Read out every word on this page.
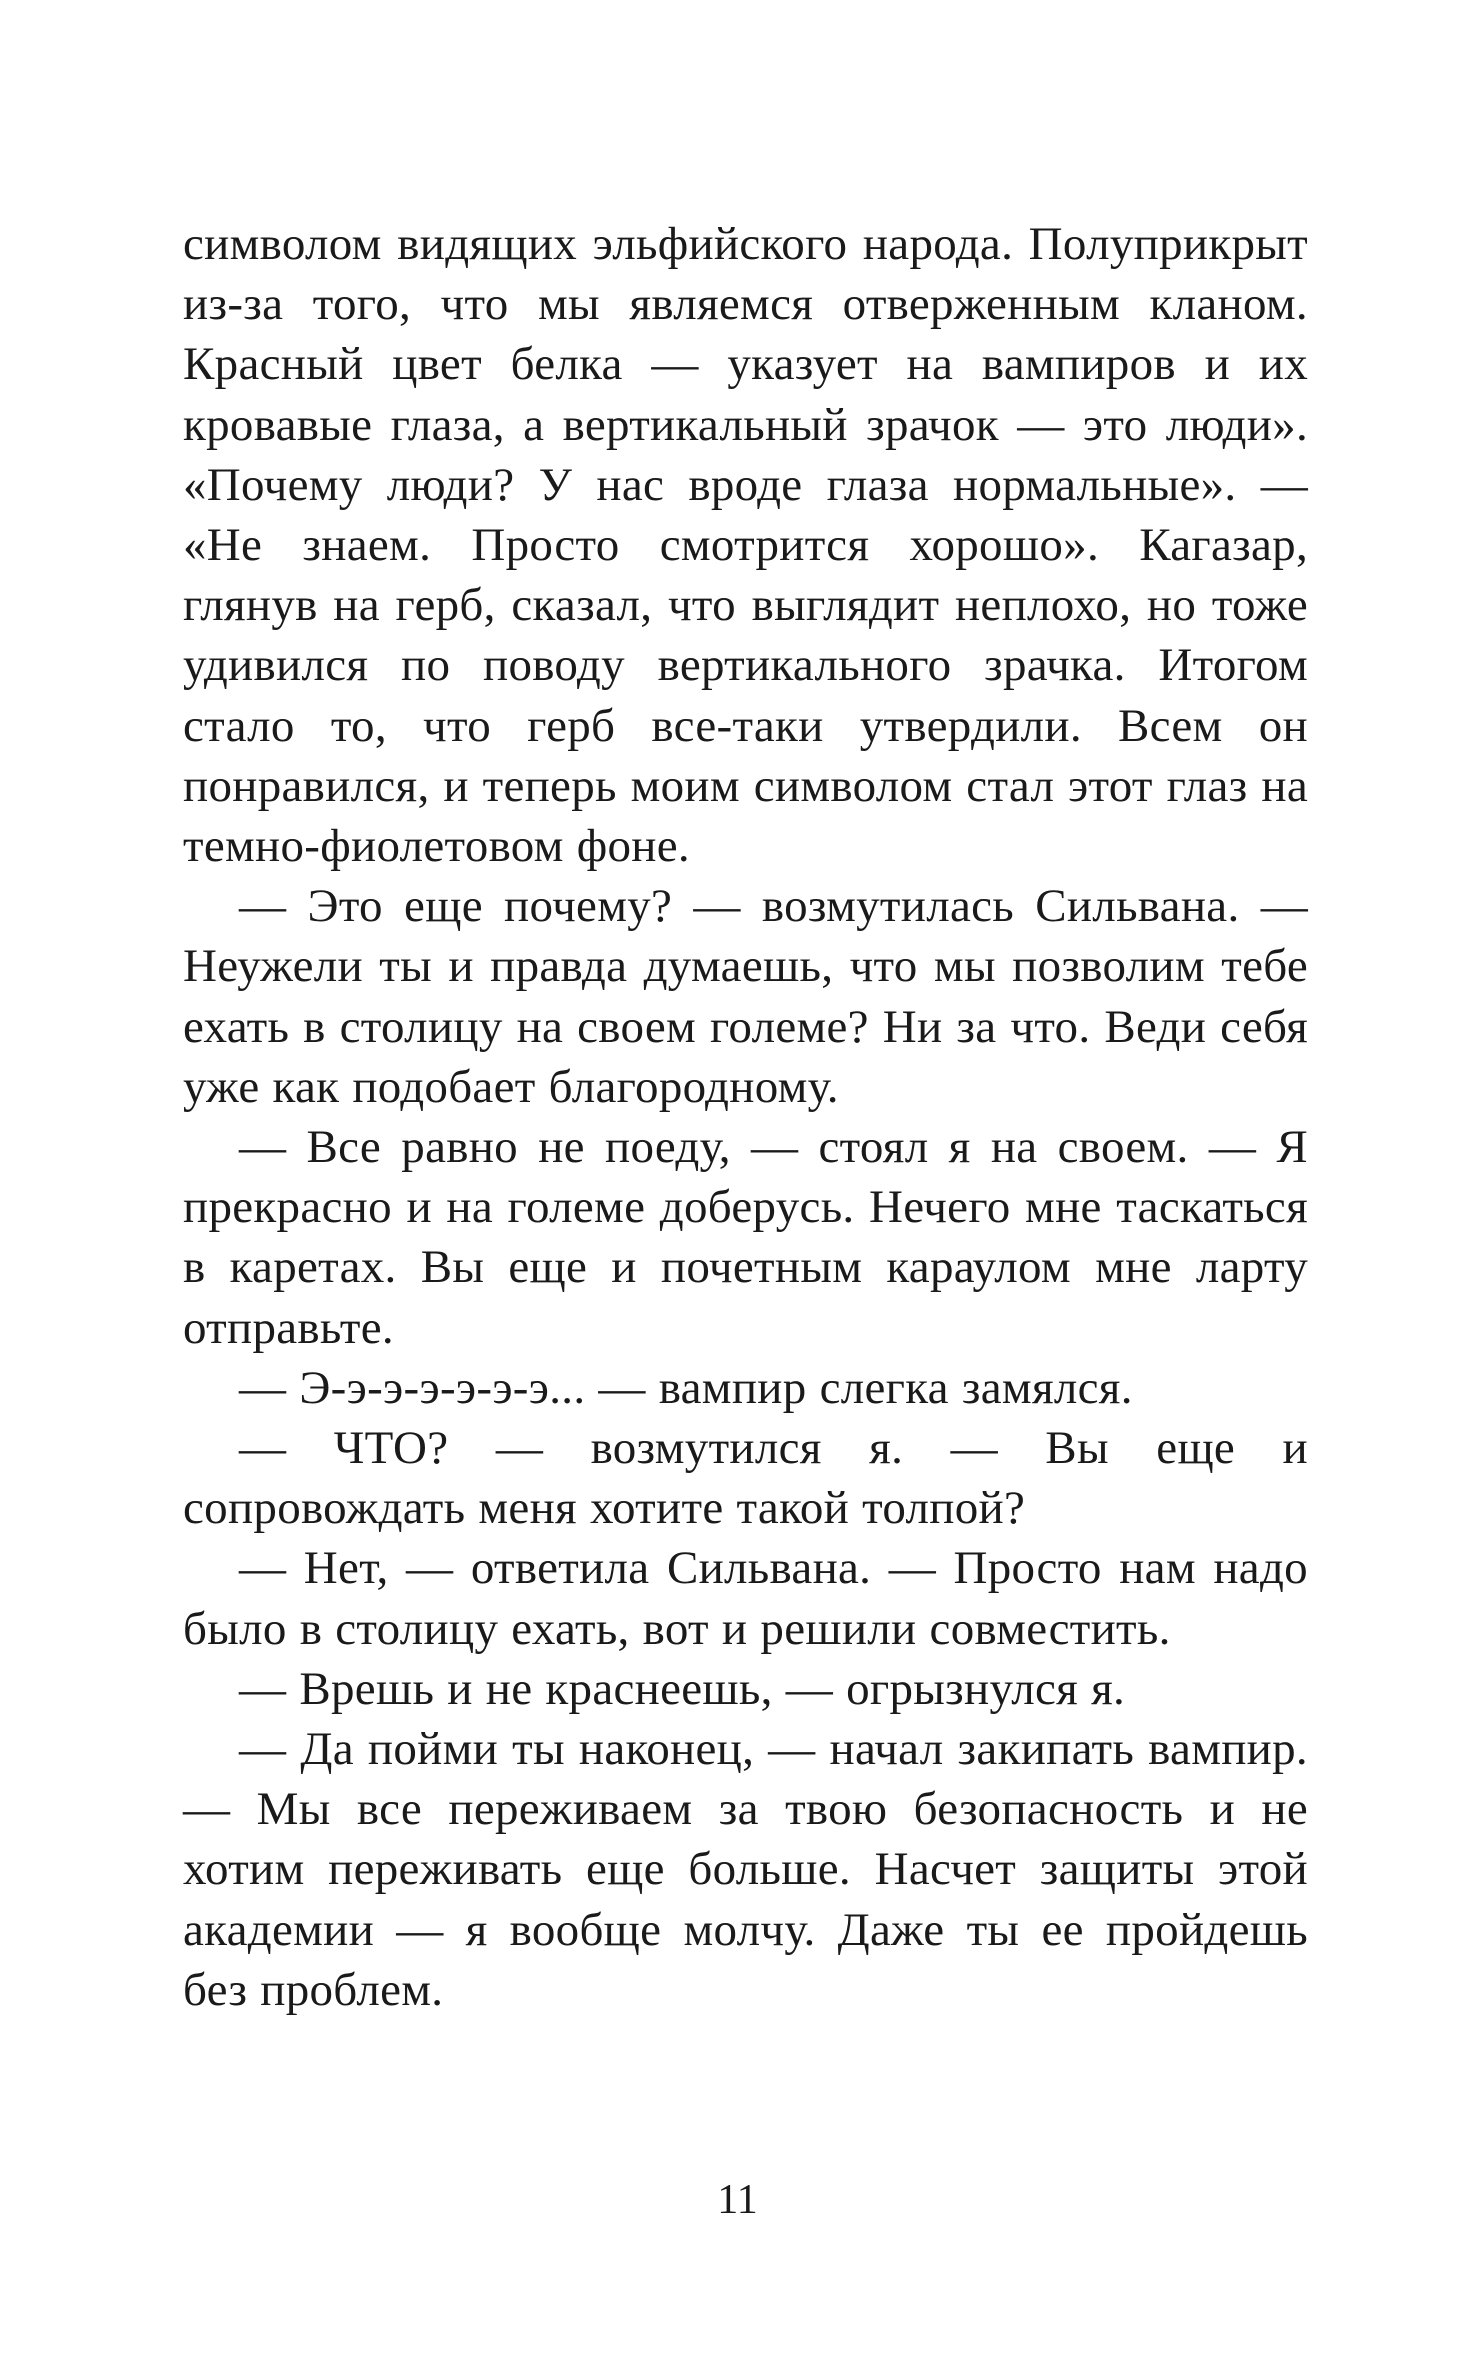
символом видящих эльфийского народа. Полуприкрыт из-за того, что мы являемся отверженным кланом. Красный цвет белка — указует на вампиров и их кровавые глаза, а вертикальный зрачок — это люди». «Почему люди? У нас вроде глаза нормальные». — «Не знаем. Просто смотрится хорошо». Кагазар, глянув на герб, сказал, что выглядит неплохо, но тоже удивился по поводу вертикального зрачка. Итогом стало то, что герб все-таки утвердили. Всем он понравился, и теперь моим символом стал этот глаз на темно-фиолетовом фоне.

— Это еще почему? — возмутилась Сильвана. — Неужели ты и правда думаешь, что мы позволим тебе ехать в столицу на своем големе? Ни за что. Веди себя уже как подобает благородному.

— Все равно не поеду, — стоял я на своем. — Я прекрасно и на големе доберусь. Нечего мне таскаться в каретах. Вы еще и почетным караулом мне ларту отправьте.

— Э-э-э-э-э-э-э... — вампир слегка замялся.

— ЧТО? — возмутился я. — Вы еще и сопровождать меня хотите такой толпой?

— Нет, — ответила Сильвана. — Просто нам надо было в столицу ехать, вот и решили совместить.

— Врешь и не краснеешь, — огрызнулся я.

— Да пойми ты наконец, — начал закипать вампир. — Мы все переживаем за твою безопасность и не хотим переживать еще больше. Насчет защиты этой академии — я вообще молчу. Даже ты ее пройдешь без проблем.

11
